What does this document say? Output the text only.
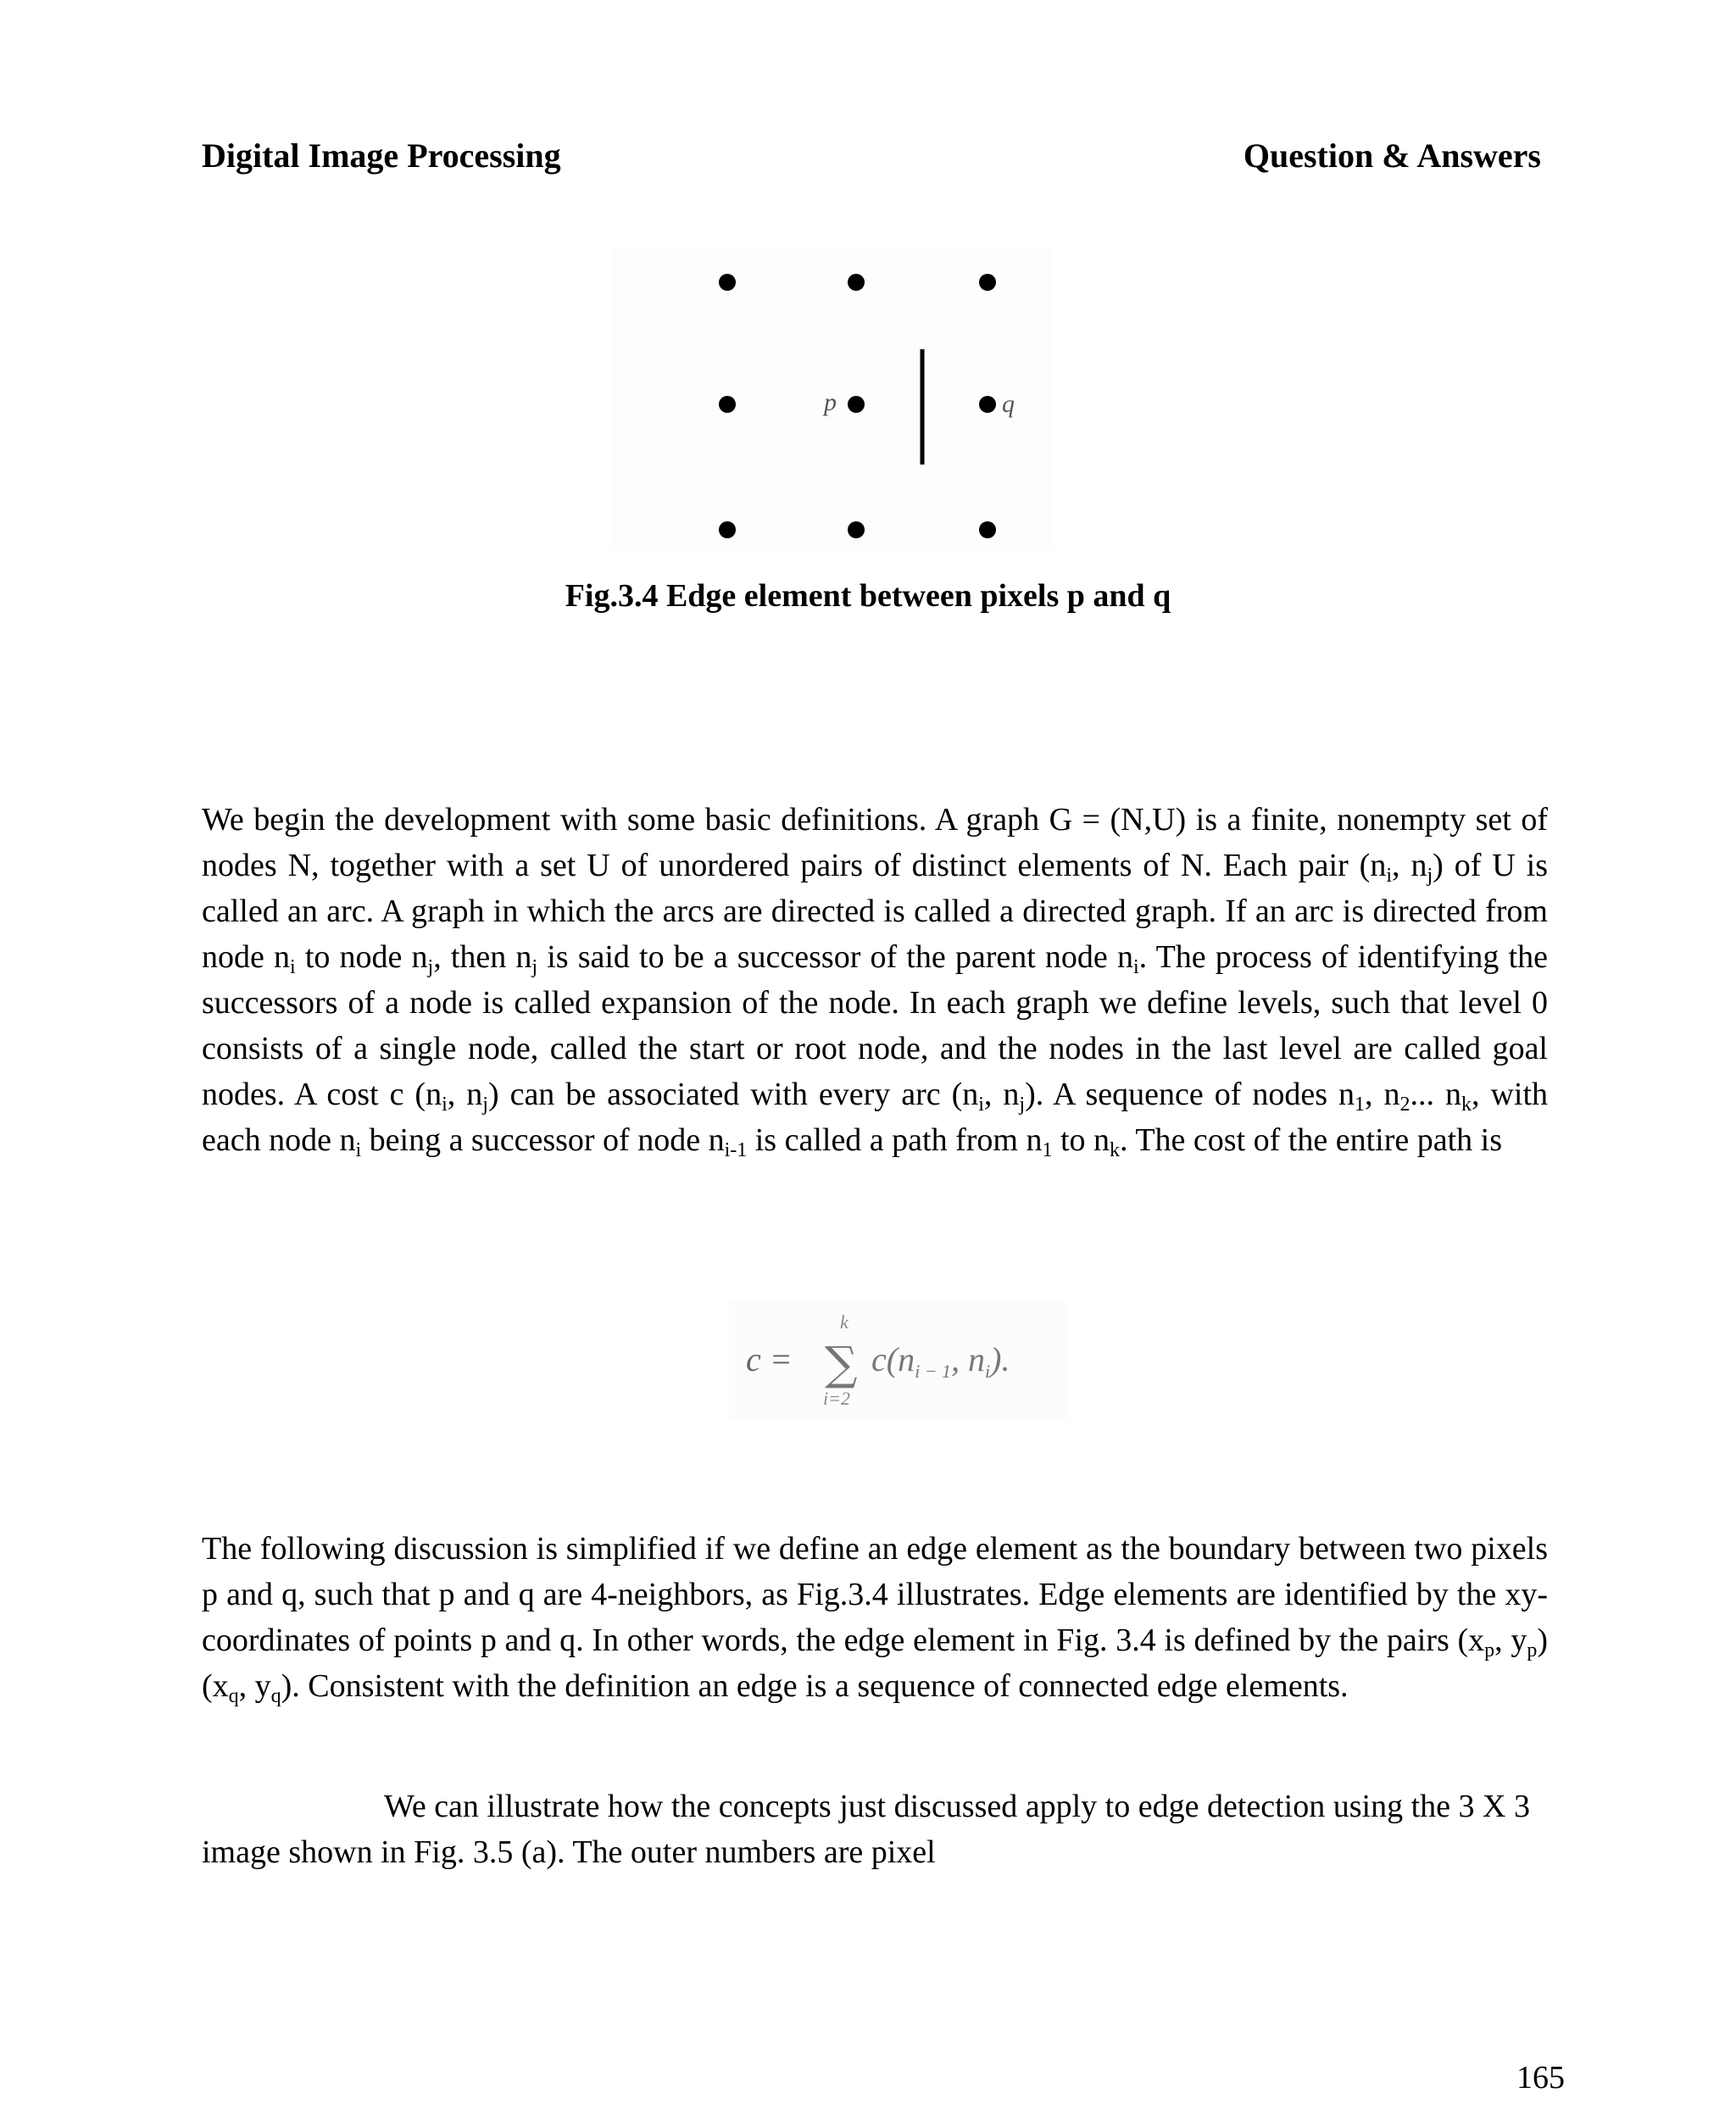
Digital Image Processing	Question & Answers
p	q
Fig.3.4 Edge element between pixels p and q

We begin the development with some basic definitions. A graph G = (N,U) is a finite, nonempty set of nodes N, together with a set U of unordered pairs of distinct elements of N. Each pair ($n_i$, $n_j$) of U is called an arc. A graph in which the arcs are directed is called a directed graph. If an arc is directed from node $n_i$ to node $n_j$, then $n_j$ is said to be a successor of the parent node $n_i$. The process of identifying the successors of a node is called expansion of the node. In each graph we define levels, such that level 0 consists of a single node, called the start or root node, and the nodes in the last level are called goal nodes. A cost c ($n_i$, $n_j$) can be associated with every arc ($n_i$, $n_j$). A sequence of nodes $n_1$, $n_2$... $n_k$, with each node $n_i$ being a successor of node $n_{i-1}$ is called a path from $n_1$ to $n_k$. The cost of the entire path is

c =
k
∑
i=2
$c(n_{i - 1}$, $n_i$).

The following discussion is simplified if we define an edge element as the boundary between two pixels p and q, such that p and q are 4-neighbors, as Fig.3.4 illustrates. Edge elements are identified by the xy-coordinates of points p and q. In other words, the edge element in Fig. 3.4 is defined by the pairs ($x_p$, $y_p$) ($x_q$, $y_q$). Consistent with the definition an edge is a sequence of connected edge elements.

We can illustrate how the concepts just discussed apply to edge detection using the 3 X 3 image shown in Fig. 3.5 (a). The outer numbers are pixel

165
